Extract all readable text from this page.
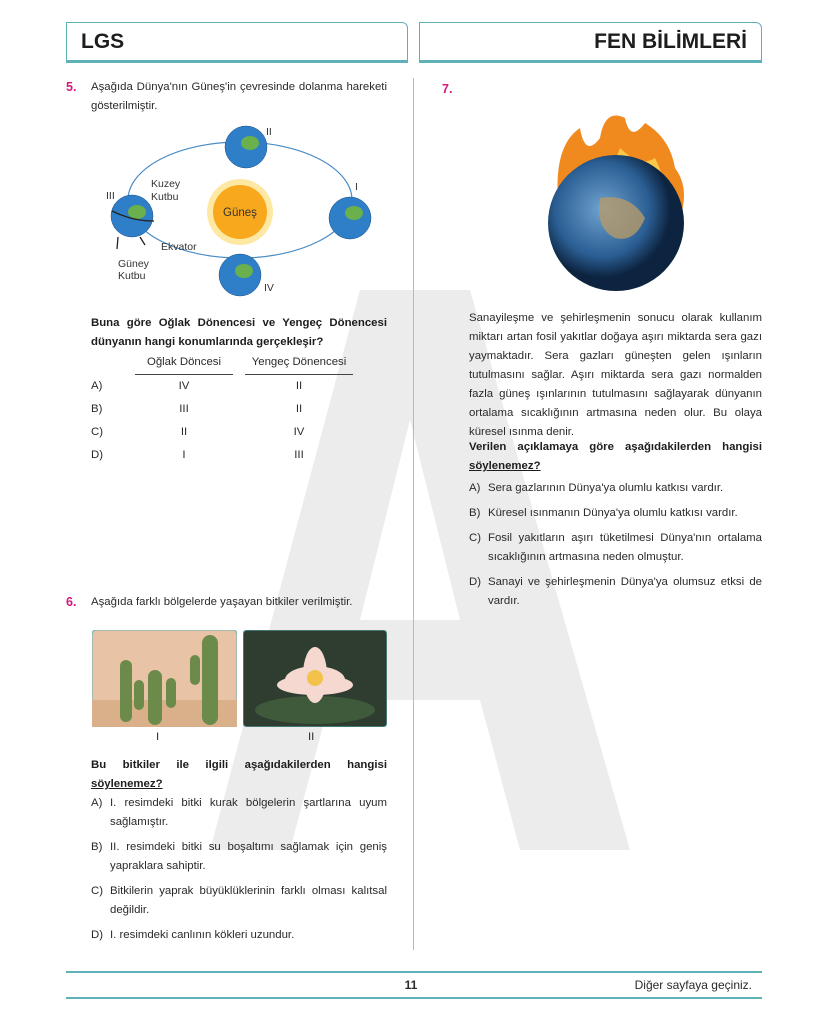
LGS	FEN BİLİMLERİ
5. Aşağıda Dünya'nın Güneş'in çevresinde dolanma hareketi gösterilmiştir.
Güneş
II
I
III
IV
Kuzey
Kutbu
Ekvator
Güney
Kutbu
Buna göre Oğlak Dönencesi ve Yengeç Dönencesi dünyanın hangi konumlarında gerçekleşir?
	Oğlak Döncesi		Yengeç Dönencesi
A)	IV		II
B)	III		II
C)	II		IV
D)	I		III
6. Aşağıda farklı bölgelerde yaşayan bitkiler verilmiştir.
I	II
Bu bitkiler ile ilgili aşağıdakilerden hangisi söylenemez?
A) I. resimdeki bitki kurak bölgelerin şartlarına uyum sağlamıştır.
B) II. resimdeki bitki su boşaltımı sağlamak için geniş yapraklara sahiptir.
C) Bitkilerin yaprak büyüklüklerinin farklı olması kalıtsal değildir.
D) I. resimdeki canlının kökleri uzundur.
7.
Sanayileşme ve şehirleşmenin sonucu olarak kullanım miktarı artan fosil yakıtlar doğaya aşırı miktarda sera gazı yaymaktadır. Sera gazları güneşten gelen ışınların tutulmasını sağlar. Aşırı miktarda sera gazı normalden fazla güneş ışınlarının tutulmasını sağlayarak dünyanın ortalama sıcaklığının artmasına neden olur. Bu olaya küresel ısınma denir.
Verilen açıklamaya göre aşağıdakilerden hangisi söylenemez?
A) Sera gazlarının Dünya'ya olumlu katkısı vardır.
B) Küresel ısınmanın Dünya'ya olumlu katkısı vardır.
C) Fosil yakıtların aşırı tüketilmesi Dünya'nın ortalama sıcaklığının artmasına neden olmuştur.
D) Sanayi ve şehirleşmenin Dünya'ya olumsuz etksi de vardır.
11	Diğer sayfaya geçiniz.
